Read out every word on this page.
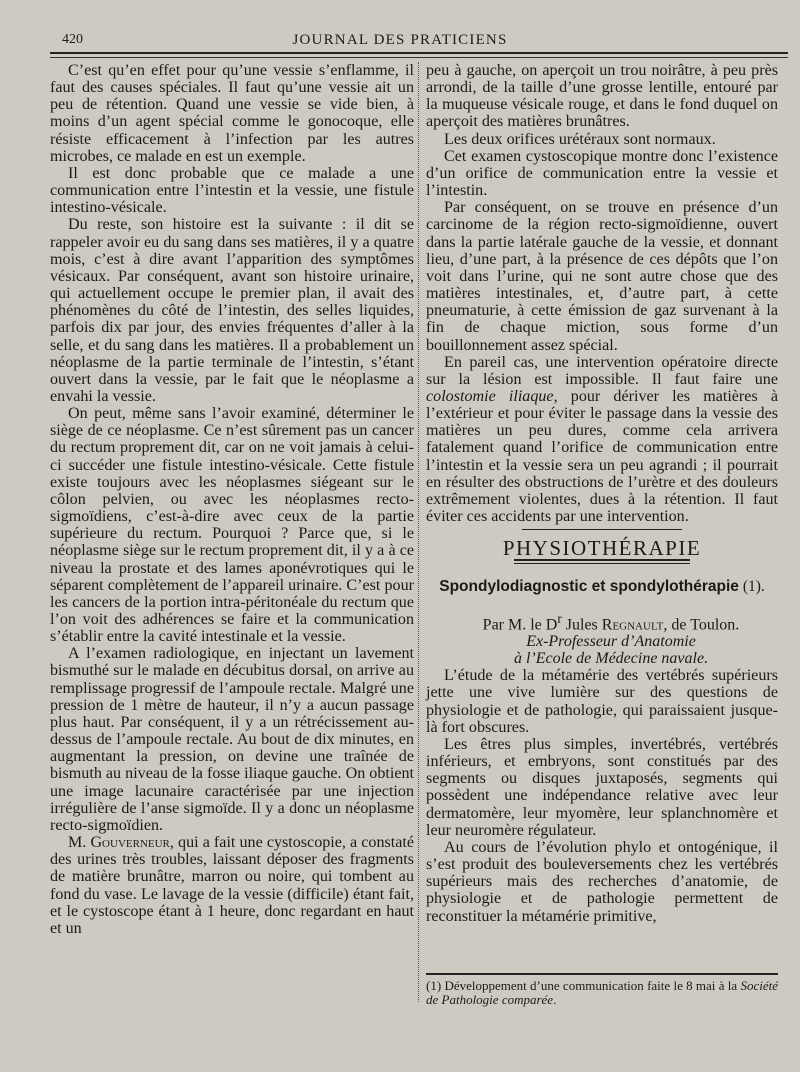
420	JOURNAL DES PRATICIENS

C’est qu’en effet pour qu’une vessie s’enflamme, il faut des causes spéciales. Il faut qu’une vessie ait un peu de rétention. Quand une vessie se vide bien, à moins d’un agent spécial comme le gonocoque, elle résiste efficacement à l’infection par les autres microbes, ce malade en est un exemple.

Il est donc probable que ce malade a une communication entre l’intestin et la vessie, une fistule intestino-vésicale.

Du reste, son histoire est la suivante : il dit se rappeler avoir eu du sang dans ses matières, il y a quatre mois, c’est à dire avant l’apparition des symptômes vésicaux. Par conséquent, avant son histoire urinaire, qui actuellement occupe le premier plan, il avait des phénomènes du côté de l’intestin, des selles liquides, parfois dix par jour, des envies fréquentes d’aller à la selle, et du sang dans les matières. Il a probablement un néoplasme de la partie terminale de l’intestin, s’étant ouvert dans la vessie, par le fait que le néoplasme a envahi la vessie.

On peut, même sans l’avoir examiné, déterminer le siège de ce néoplasme. Ce n’est sûrement pas un cancer du rectum proprement dit, car on ne voit jamais à celui-ci succéder une fistule intestino-vésicale. Cette fistule existe toujours avec les néoplasmes siégeant sur le côlon pelvien, ou avec les néoplasmes recto-sigmoïdiens, c’est-à-dire avec ceux de la partie supérieure du rectum. Pourquoi ? Parce que, si le néoplasme siège sur le rectum proprement dit, il y a à ce niveau la prostate et des lames aponévrotiques qui le séparent complètement de l’appareil urinaire. C’est pour les cancers de la portion intra-péritonéale du rectum que l’on voit des adhérences se faire et la communication s’établir entre la cavité intestinale et la vessie.

A l’examen radiologique, en injectant un lavement bismuthé sur le malade en décubitus dorsal, on arrive au remplissage progressif de l’ampoule rectale. Malgré une pression de 1 mètre de hauteur, il n’y a aucun passage plus haut. Par conséquent, il y a un rétrécissement au-dessus de l’ampoule rectale. Au bout de dix minutes, en augmentant la pression, on devine une traînée de bismuth au niveau de la fosse iliaque gauche. On obtient une image lacunaire caractérisée par une injection irrégulière de l’anse sigmoïde. Il y a donc un néoplasme recto-sigmoïdien.

M. Gouverneur, qui a fait une cystoscopie, a constaté des urines très troubles, laissant déposer des fragments de matière brunâtre, marron ou noire, qui tombent au fond du vase. Le lavage de la vessie (difficile) étant fait, et le cystoscope étant à 1 heure, donc regardant en haut et un

peu à gauche, on aperçoit un trou noirâtre, à peu près arrondi, de la taille d’une grosse lentille, entouré par la muqueuse vésicale rouge, et dans le fond duquel on aperçoit des matières brunâtres.

Les deux orifices urétéraux sont normaux.

Cet examen cystoscopique montre donc l’existence d’un orifice de communication entre la vessie et l’intestin.

Par conséquent, on se trouve en présence d’un carcinome de la région recto-sigmoïdienne, ouvert dans la partie latérale gauche de la vessie, et donnant lieu, d’une part, à la présence de ces dépôts que l’on voit dans l’urine, qui ne sont autre chose que des matières intestinales, et, d’autre part, à cette pneumaturie, à cette émission de gaz survenant à la fin de chaque miction, sous forme d’un bouillonnement assez spécial.

En pareil cas, une intervention opératoire directe sur la lésion est impossible. Il faut faire une colostomie iliaque, pour dériver les matières à l’extérieur et pour éviter le passage dans la vessie des matières un peu dures, comme cela arrivera fatalement quand l’orifice de communication entre l’intestin et la vessie sera un peu agrandi ; il pourrait en résulter des obstructions de l’urètre et des douleurs extrêmement violentes, dues à la rétention. Il faut éviter ces accidents par une intervention.

PHYSIOTHÉRAPIE
Spondylodiagnostic et spondylothérapie (1).

Par M. le $D^r$ Jules Regnault, de Toulon.

Ex-Professeur d’Anatomie

à l’Ecole de Médecine navale.

L’étude de la métamérie des vertébrés supérieurs jette une vive lumière sur des questions de physiologie et de pathologie, qui paraissaient jusque-là fort obscures.

Les êtres plus simples, invertébrés, vertébrés inférieurs, et embryons, sont constitués par des segments ou disques juxtaposés, segments qui possèdent une indépendance relative avec leur dermatomère, leur myomère, leur splanchnomère et leur neuromère régulateur.

Au cours de l’évolution phylo et ontogénique, il s’est produit des bouleversements chez les vertébrés supérieurs mais des recherches d’anatomie, de physiologie et de pathologie permettent de reconstituer la métamérie primitive,

(1) Développement d’une communication faite le 8 mai à la Société de Pathologie comparée.
